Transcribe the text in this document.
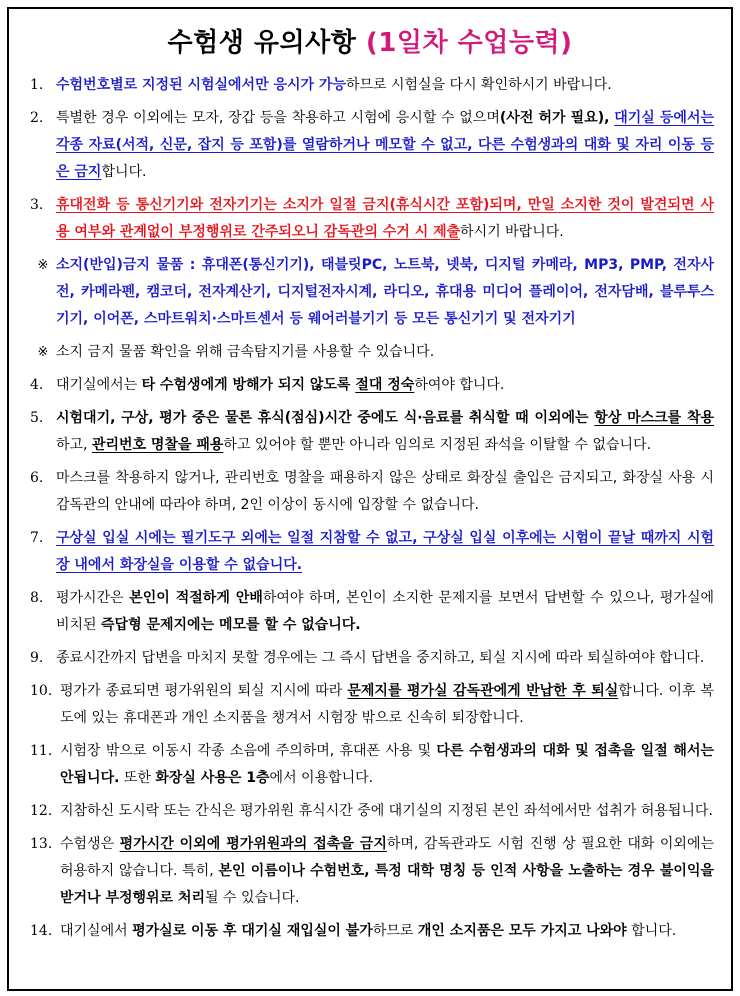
수험생 유의사항 (1일차 수업능력)
1. 수험번호별로 지정된 시험실에서만 응시가 가능하므로 시험실을 다시 확인하시기 바랍니다.
2. 특별한 경우 이외에는 모자, 장갑 등을 착용하고 시험에 응시할 수 없으며(사전 허가 필요), 대기실 등에서는 각종 자료(서적, 신문, 잡지 등 포함)를 열람하거나 메모할 수 없고, 다른 수험생과의 대화 및 자리 이동 등은 금지합니다.
3. 휴대전화 등 통신기기와 전자기기는 소지가 일절 금지(휴식시간 포함)되며, 만일 소지한 것이 발견되면 사용 여부와 관계없이 부정행위로 간주되오니 감독관의 수거 시 제출하시기 바랍니다.
※ 소지(반입)금지 물품 : 휴대폰(통신기기), 태블릿PC, 노트북, 넷북, 디지털 카메라, MP3, PMP, 전자사전, 카메라펜, 캠코더, 전자계산기, 디지털전자시계, 라디오, 휴대용 미디어 플레이어, 전자담배, 블루투스기기, 이어폰, 스마트워치·스마트센서 등 웨어러블기기 등 모든 통신기기 및 전자기기
※ 소지 금지 물품 확인을 위해 금속탐지기를 사용할 수 있습니다.
4. 대기실에서는 타 수험생에게 방해가 되지 않도록 절대 정숙하여야 합니다.
5. 시험대기, 구상, 평가 중은 물론 휴식(점심)시간 중에도 식·음료를 취식할 때 이외에는 항상 마스크를 착용하고, 관리번호 명찰을 패용하고 있어야 할 뿐만 아니라 임의로 지정된 좌석을 이탈할 수 없습니다.
6. 마스크를 착용하지 않거나, 관리번호 명찰을 패용하지 않은 상태로 화장실 출입은 금지되고, 화장실 사용 시 감독관의 안내에 따라야 하며, 2인 이상이 동시에 입장할 수 없습니다.
7. 구상실 입실 시에는 필기도구 외에는 일절 지참할 수 없고, 구상실 입실 이후에는 시험이 끝날 때까지 시험장 내에서 화장실을 이용할 수 없습니다.
8. 평가시간은 본인이 적절하게 안배하여야 하며, 본인이 소지한 문제지를 보면서 답변할 수 있으나, 평가실에 비치된 즉답형 문제지에는 메모를 할 수 없습니다.
9. 종료시간까지 답변을 마치지 못할 경우에는 그 즉시 답변을 중지하고, 퇴실 지시에 따라 퇴실하여야 합니다.
10. 평가가 종료되면 평가위원의 퇴실 지시에 따라 문제지를 평가실 감독관에게 반납한 후 퇴실합니다. 이후 복도에 있는 휴대폰과 개인 소지품을 챙겨서 시험장 밖으로 신속히 퇴장합니다.
11. 시험장 밖으로 이동시 각종 소음에 주의하며, 휴대폰 사용 및 다른 수험생과의 대화 및 접촉을 일절 해서는 안됩니다. 또한 화장실 사용은 1층에서 이용합니다.
12. 지참하신 도시락 또는 간식은 평가위원 휴식시간 중에 대기실의 지정된 본인 좌석에서만 섭취가 허용됩니다.
13. 수험생은 평가시간 이외에 평가위원과의 접촉을 금지하며, 감독관과도 시험 진행 상 필요한 대화 이외에는 허용하지 않습니다. 특히, 본인 이름이나 수험번호, 특정 대학 명칭 등 인적 사항을 노출하는 경우 불이익을 받거나 부정행위로 처리될 수 있습니다.
14. 대기실에서 평가실로 이동 후 대기실 재입실이 불가하므로 개인 소지품은 모두 가지고 나와야 합니다.
